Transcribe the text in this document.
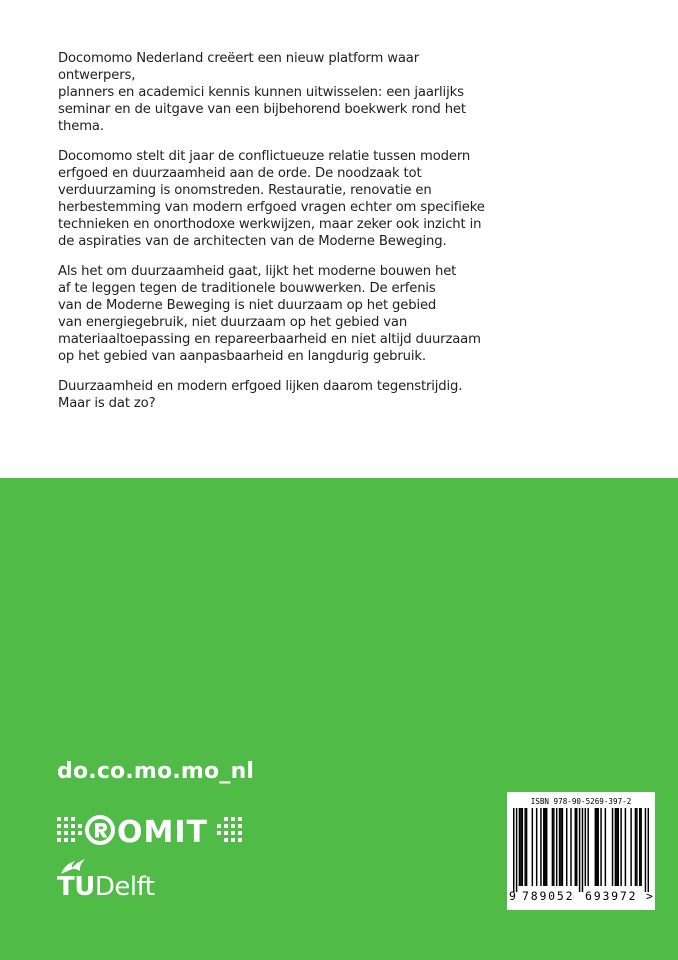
Docomomo Nederland creëert een nieuw platform waar ontwerpers,
planners en academici kennis kunnen uitwisselen: een jaarlijks
seminar en de uitgave van een bijbehorend boekwerk rond het
thema.

Docomomo stelt dit jaar de conflictueuze relatie tussen modern
erfgoed en duurzaamheid aan de orde. De noodzaak tot
verduurzaming is onomstreden. Restauratie, renovatie en
herbestemming van modern erfgoed vragen echter om specifieke
technieken en onorthodoxe werkwijzen, maar zeker ook inzicht in
de aspiraties van de architecten van de Moderne Beweging.

Als het om duurzaamheid gaat, lijkt het moderne bouwen het
af te leggen tegen de traditionele bouwwerken. De erfenis
van de Moderne Beweging is niet duurzaam op het gebied
van energiegebruik, niet duurzaam op het gebied van
materiaaltoepassing en repareerbaarheid en niet altijd duurzaam
op het gebied van aanpasbaarheid en langdurig gebruik.

Duurzaamheid en modern erfgoed lijken daarom tegenstrijdig.
Maar is dat zo?

do.co.mo.mo_nl
OMIT
TUDelft
ISBN 978-90-5269-397-2
9 789052 693972 >
